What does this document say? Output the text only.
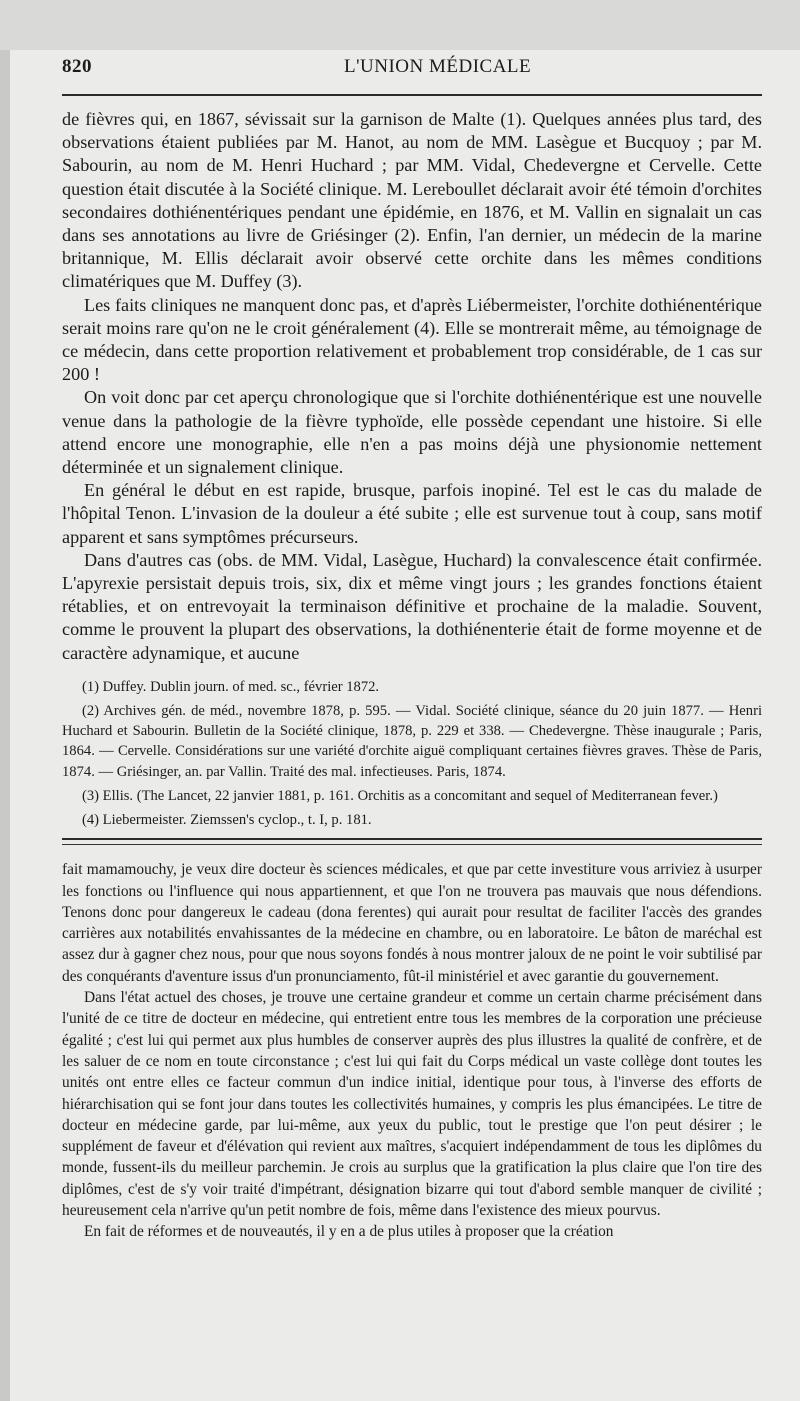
820	L'UNION MÉDICALE

de fièvres qui, en 1867, sévissait sur la garnison de Malte (1). Quelques années plus tard, des observations étaient publiées par M. Hanot, au nom de MM. Lasègue et Bucquoy ; par M. Sabourin, au nom de M. Henri Huchard ; par MM. Vidal, Chedevergne et Cervelle. Cette question était discutée à la Société clinique. M. Lereboullet déclarait avoir été témoin d'orchites secondaires dothiénentériques pendant une épidémie, en 1876, et M. Vallin en signalait un cas dans ses annotations au livre de Griésinger (2). Enfin, l'an dernier, un médecin de la marine britannique, M. Ellis déclarait avoir observé cette orchite dans les mêmes conditions climatériques que M. Duffey (3).

Les faits cliniques ne manquent donc pas, et d'après Liébermeister, l'orchite dothiénentérique serait moins rare qu'on ne le croit généralement (4). Elle se montrerait même, au témoignage de ce médecin, dans cette proportion relativement et probablement trop considérable, de 1 cas sur 200 !

On voit donc par cet aperçu chronologique que si l'orchite dothiénentérique est une nouvelle venue dans la pathologie de la fièvre typhoïde, elle possède cependant une histoire. Si elle attend encore une monographie, elle n'en a pas moins déjà une physionomie nettement déterminée et un signalement clinique.

En général le début en est rapide, brusque, parfois inopiné. Tel est le cas du malade de l'hôpital Tenon. L'invasion de la douleur a été subite ; elle est survenue tout à coup, sans motif apparent et sans symptômes précurseurs.

Dans d'autres cas (obs. de MM. Vidal, Lasègue, Huchard) la convalescence était confirmée. L'apyrexie persistait depuis trois, six, dix et même vingt jours ; les grandes fonctions étaient rétablies, et on entrevoyait la terminaison définitive et prochaine de la maladie. Souvent, comme le prouvent la plupart des observations, la dothiénenterie était de forme moyenne et de caractère adynamique, et aucune

(1) Duffey. Dublin journ. of med. sc., février 1872.

(2) Archives gén. de méd., novembre 1878, p. 595. — Vidal. Société clinique, séance du 20 juin 1877. — Henri Huchard et Sabourin. Bulletin de la Société clinique, 1878, p. 229 et 338. — Chedevergne. Thèse inaugurale ; Paris, 1864. — Cervelle. Considérations sur une variété d'orchite aiguë compliquant certaines fièvres graves. Thèse de Paris, 1874. — Griésinger, an. par Vallin. Traité des mal. infectieuses. Paris, 1874.

(3) Ellis. (The Lancet, 22 janvier 1881, p. 161. Orchitis as a concomitant and sequel of Mediterranean fever.)

(4) Liebermeister. Ziemssen's cyclop., t. I, p. 181.

fait mamamouchy, je veux dire docteur ès sciences médicales, et que par cette investiture vous arriviez à usurper les fonctions ou l'influence qui nous appartiennent, et que l'on ne trouvera pas mauvais que nous défendions. Tenons donc pour dangereux le cadeau (dona ferentes) qui aurait pour resultat de faciliter l'accès des grandes carrières aux notabilités envahissantes de la médecine en chambre, ou en laboratoire. Le bâton de maréchal est assez dur à gagner chez nous, pour que nous soyons fondés à nous montrer jaloux de ne point le voir subtilisé par des conquérants d'aventure issus d'un pronunciamento, fût-il ministériel et avec garantie du gouvernement.

Dans l'état actuel des choses, je trouve une certaine grandeur et comme un certain charme précisément dans l'unité de ce titre de docteur en médecine, qui entretient entre tous les membres de la corporation une précieuse égalité ; c'est lui qui permet aux plus humbles de conserver auprès des plus illustres la qualité de confrère, et de les saluer de ce nom en toute circonstance ; c'est lui qui fait du Corps médical un vaste collège dont toutes les unités ont entre elles ce facteur commun d'un indice initial, identique pour tous, à l'inverse des efforts de hiérarchisation qui se font jour dans toutes les collectivités humaines, y compris les plus émancipées. Le titre de docteur en médecine garde, par lui-même, aux yeux du public, tout le prestige que l'on peut désirer ; le supplément de faveur et d'élévation qui revient aux maîtres, s'acquiert indépendamment de tous les diplômes du monde, fussent-ils du meilleur parchemin. Je crois au surplus que la gratification la plus claire que l'on tire des diplômes, c'est de s'y voir traité d'impétrant, désignation bizarre qui tout d'abord semble manquer de civilité ; heureusement cela n'arrive qu'un petit nombre de fois, même dans l'existence des mieux pourvus.

En fait de réformes et de nouveautés, il y en a de plus utiles à proposer que la création
